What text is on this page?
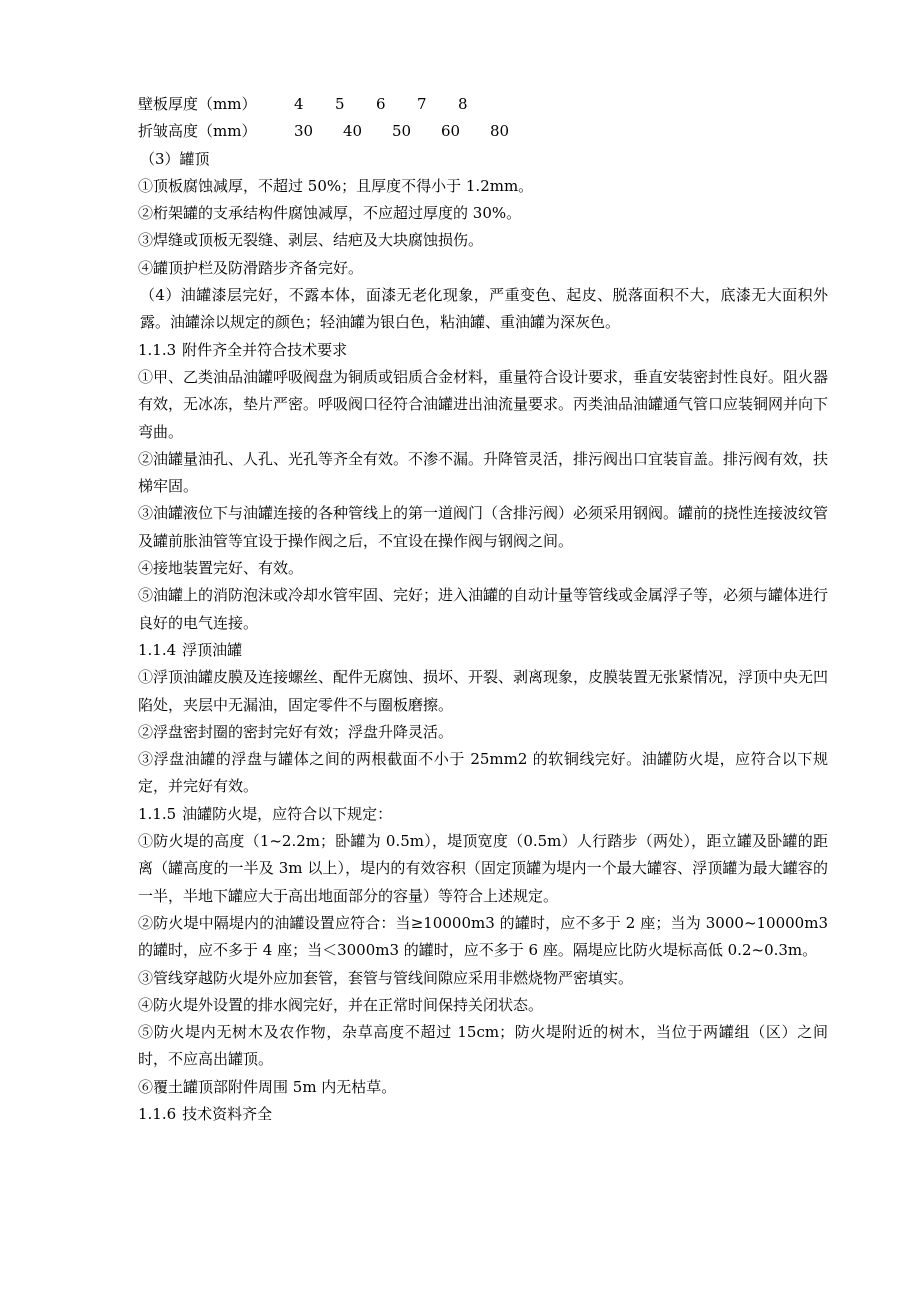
壁板厚度（mm）	4	5	6	7	8
折皱高度（mm）	30	40	50	60	80
（3）罐顶
①顶板腐蚀减厚，不超过 50%；且厚度不得小于 1.2mm。
②桁架罐的支承结构件腐蚀减厚，不应超过厚度的 30%。
③焊缝或顶板无裂缝、剥层、结疤及大块腐蚀损伤。
④罐顶护栏及防滑踏步齐备完好。

（4）油罐漆层完好，不露本体，面漆无老化现象，严重变色、起皮、脱落面积不大，底漆无大面积外露。油罐涂以规定的颜色；轻油罐为银白色，粘油罐、重油罐为深灰色。

1.1.3 附件齐全并符合技术要求

①甲、乙类油品油罐呼吸阀盘为铜质或铝质合金材料，重量符合设计要求，垂直安装密封性良好。阻火器有效，无冰冻，垫片严密。呼吸阀口径符合油罐进出油流量要求。丙类油品油罐通气管口应装铜网并向下弯曲。

②油罐量油孔、人孔、光孔等齐全有效。不渗不漏。升降管灵活，排污阀出口宜装盲盖。排污阀有效，扶梯牢固。

③油罐液位下与油罐连接的各种管线上的第一道阀门（含排污阀）必须采用钢阀。罐前的挠性连接波纹管及罐前胀油管等宜设于操作阀之后，不宜设在操作阀与钢阀之间。

④接地装置完好、有效。

⑤油罐上的消防泡沫或冷却水管牢固、完好；进入油罐的自动计量等管线或金属浮子等，必须与罐体进行良好的电气连接。

1.1.4 浮顶油罐

①浮顶油罐皮膜及连接螺丝、配件无腐蚀、损坏、开裂、剥离现象，皮膜装置无张紧情况，浮顶中央无凹陷处，夹层中无漏油，固定零件不与圈板磨擦。

②浮盘密封圈的密封完好有效；浮盘升降灵活。

③浮盘油罐的浮盘与罐体之间的两根截面不小于 25mm2 的软铜线完好。油罐防火堤，应符合以下规定，并完好有效。

1.1.5 油罐防火堤，应符合以下规定：

①防火堤的高度（1~2.2m；卧罐为 0.5m），堤顶宽度（0.5m）人行踏步（两处），距立罐及卧罐的距离（罐高度的一半及 3m 以上），堤内的有效容积（固定顶罐为堤内一个最大罐容、浮顶罐为最大罐容的一半，半地下罐应大于高出地面部分的容量）等符合上述规定。

②防火堤中隔堤内的油罐设置应符合：当≥10000m3 的罐时，应不多于 2 座；当为 3000~10000m3 的罐时，应不多于 4 座；当＜3000m3 的罐时，应不多于 6 座。隔堤应比防火堤标高低 0.2~0.3m。

③管线穿越防火堤外应加套管，套管与管线间隙应采用非燃烧物严密填实。

④防火堤外设置的排水阀完好，并在正常时间保持关闭状态。

⑤防火堤内无树木及农作物，杂草高度不超过 15cm；防火堤附近的树木，当位于两罐组（区）之间时，不应高出罐顶。

⑥覆土罐顶部附件周围 5m 内无枯草。

1.1.6 技术资料齐全
